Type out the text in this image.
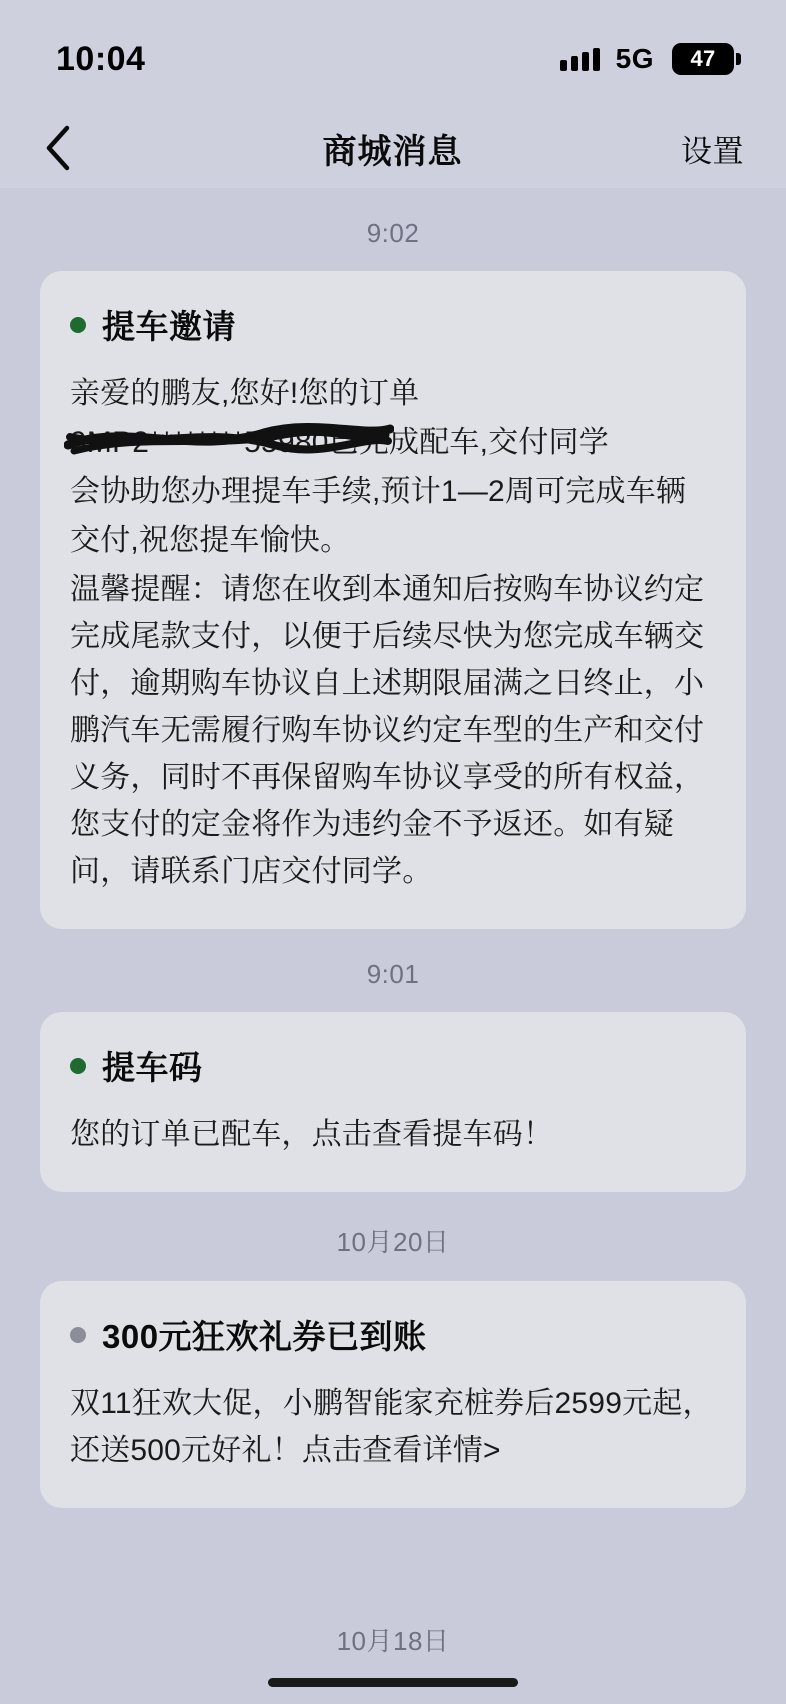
10:04	5G 47
商城消息	设置
9:02
提车邀请
亲爱的鹏友,您好!您的订单
9MP2********55980
已完成配车,交付同学
会协助您办理提车手续,预计1—2周可完成车辆
交付,祝您提车愉快。
温馨提醒：请您在收到本通知后按购车协议约定完成尾款支付，以便于后续尽快为您完成车辆交付，逾期购车协议自上述期限届满之日终止，小鹏汽车无需履行购车协议约定车型的生产和交付义务，同时不再保留购车协议享受的所有权益，您支付的定金将作为违约金不予返还。如有疑问，请联系门店交付同学。
9:01
提车码
您的订单已配车，点击查看提车码！
10月20日
300元狂欢礼券已到账
双11狂欢大促，小鹏智能家充桩券后2599元起，还送500元好礼！点击查看详情>
10月18日
